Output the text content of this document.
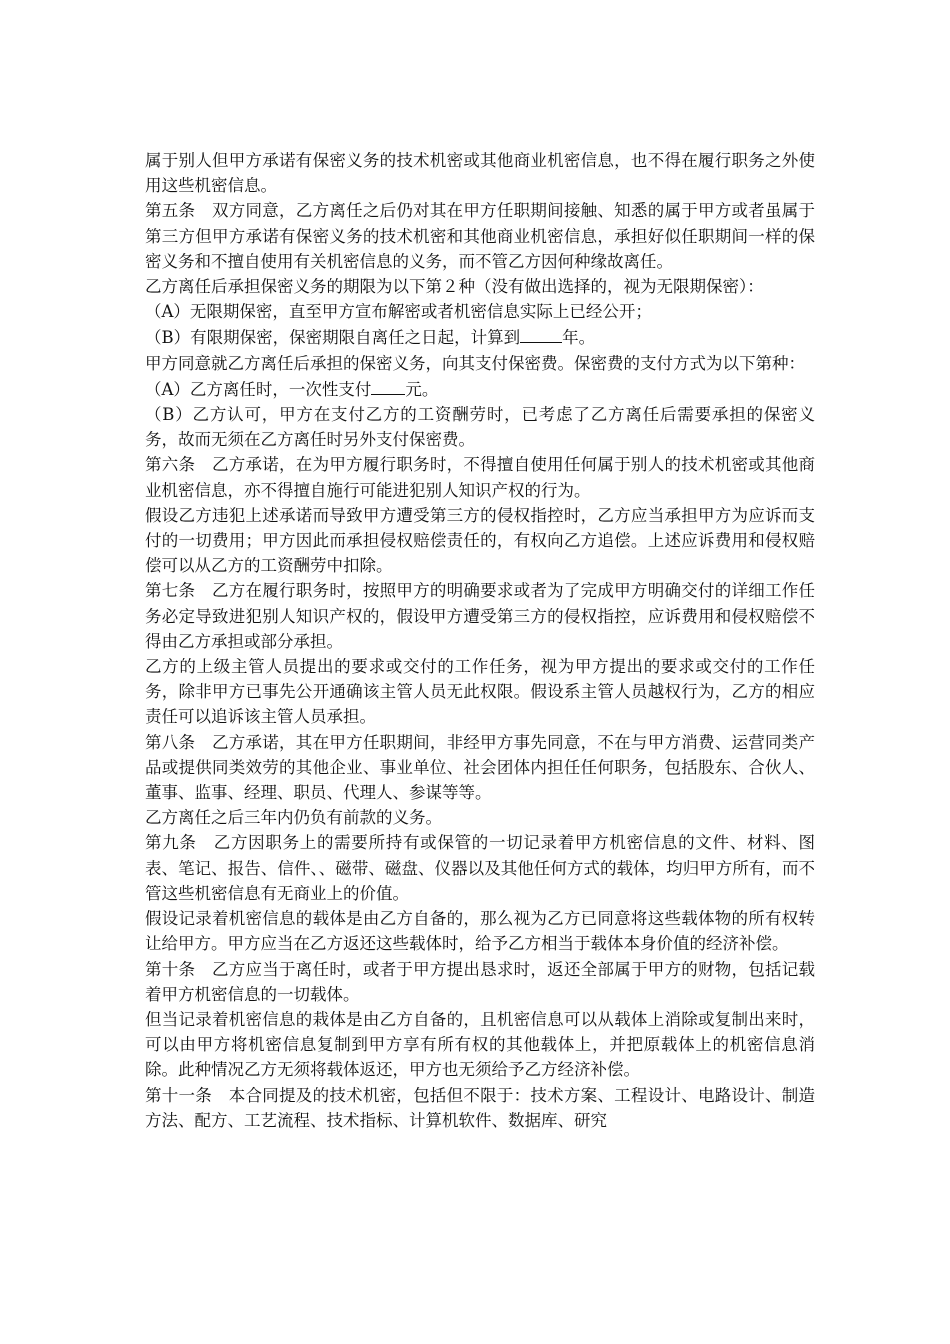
属于别人但甲方承诺有保密义务的技术机密或其他商业机密信息，也不得在履行职务之外使用这些机密信息。

第五条　双方同意，乙方离任之后仍对其在甲方任职期间接触、知悉的属于甲方或者虽属于第三方但甲方承诺有保密义务的技术机密和其他商业机密信息，承担好似任职期间一样的保密义务和不擅自使用有关机密信息的义务，而不管乙方因何种缘故离任。

乙方离任后承担保密义务的期限为以下第２种（没有做出选择的，视为无限期保密）：

（A）无限期保密，直至甲方宣布解密或者机密信息实际上已经公开；

（B）有限期保密，保密期限自离任之日起，计算到	年。

甲方同意就乙方离任后承担的保密义务，向其支付保密费。保密费的支付方式为以下第种：

（A）乙方离任时，一次性支付 元。

（B）乙方认可，甲方在支付乙方的工资酬劳时，已考虑了乙方离任后需要承担的保密义务，故而无须在乙方离任时另外支付保密费。

第六条　乙方承诺，在为甲方履行职务时，不得擅自使用任何属于别人的技术机密或其他商业机密信息，亦不得擅自施行可能进犯别人知识产权的行为。

假设乙方违犯上述承诺而导致甲方遭受第三方的侵权指控时，乙方应当承担甲方为应诉而支付的一切费用；甲方因此而承担侵权赔偿责任的，有权向乙方追偿。上述应诉费用和侵权赔偿可以从乙方的工资酬劳中扣除。

第七条　乙方在履行职务时，按照甲方的明确要求或者为了完成甲方明确交付的详细工作任务必定导致进犯别人知识产权的，假设甲方遭受第三方的侵权指控，应诉费用和侵权赔偿不得由乙方承担或部分承担。

乙方的上级主管人员提出的要求或交付的工作任务，视为甲方提出的要求或交付的工作任务，除非甲方已事先公开通确该主管人员无此权限。假设系主管人员越权行为，乙方的相应责任可以追诉该主管人员承担。

第八条　乙方承诺，其在甲方任职期间，非经甲方事先同意，不在与甲方消费、运营同类产品或提供同类效劳的其他企业、事业单位、社会团体内担任任何职务，包括股东、合伙人、董事、监事、经理、职员、代理人、参谋等等。

乙方离任之后三年内仍负有前款的义务。

第九条　乙方因职务上的需要所持有或保管的一切记录着甲方机密信息的文件、材料、图表、笔记、报告、信件、、磁带、磁盘、仪器以及其他任何方式的载体，均归甲方所有，而不管这些机密信息有无商业上的价值。

假设记录着机密信息的载体是由乙方自备的，那么视为乙方已同意将这些载体物的所有权转让给甲方。甲方应当在乙方返还这些载体时，给予乙方相当于载体本身价值的经济补偿。

第十条　乙方应当于离任时，或者于甲方提出恳求时，返还全部属于甲方的财物，包括记载着甲方机密信息的一切载体。

但当记录着机密信息的栽体是由乙方自备的，且机密信息可以从载体上消除或复制出来时，可以由甲方将机密信息复制到甲方享有所有权的其他载体上，并把原载体上的机密信息消除。此种情况乙方无须将载体返还，甲方也无须给予乙方经济补偿。

第十一条　本合同提及的技术机密，包括但不限于：技术方案、工程设计、电路设计、制造方法、配方、工艺流程、技术指标、计算机软件、数据库、研究
